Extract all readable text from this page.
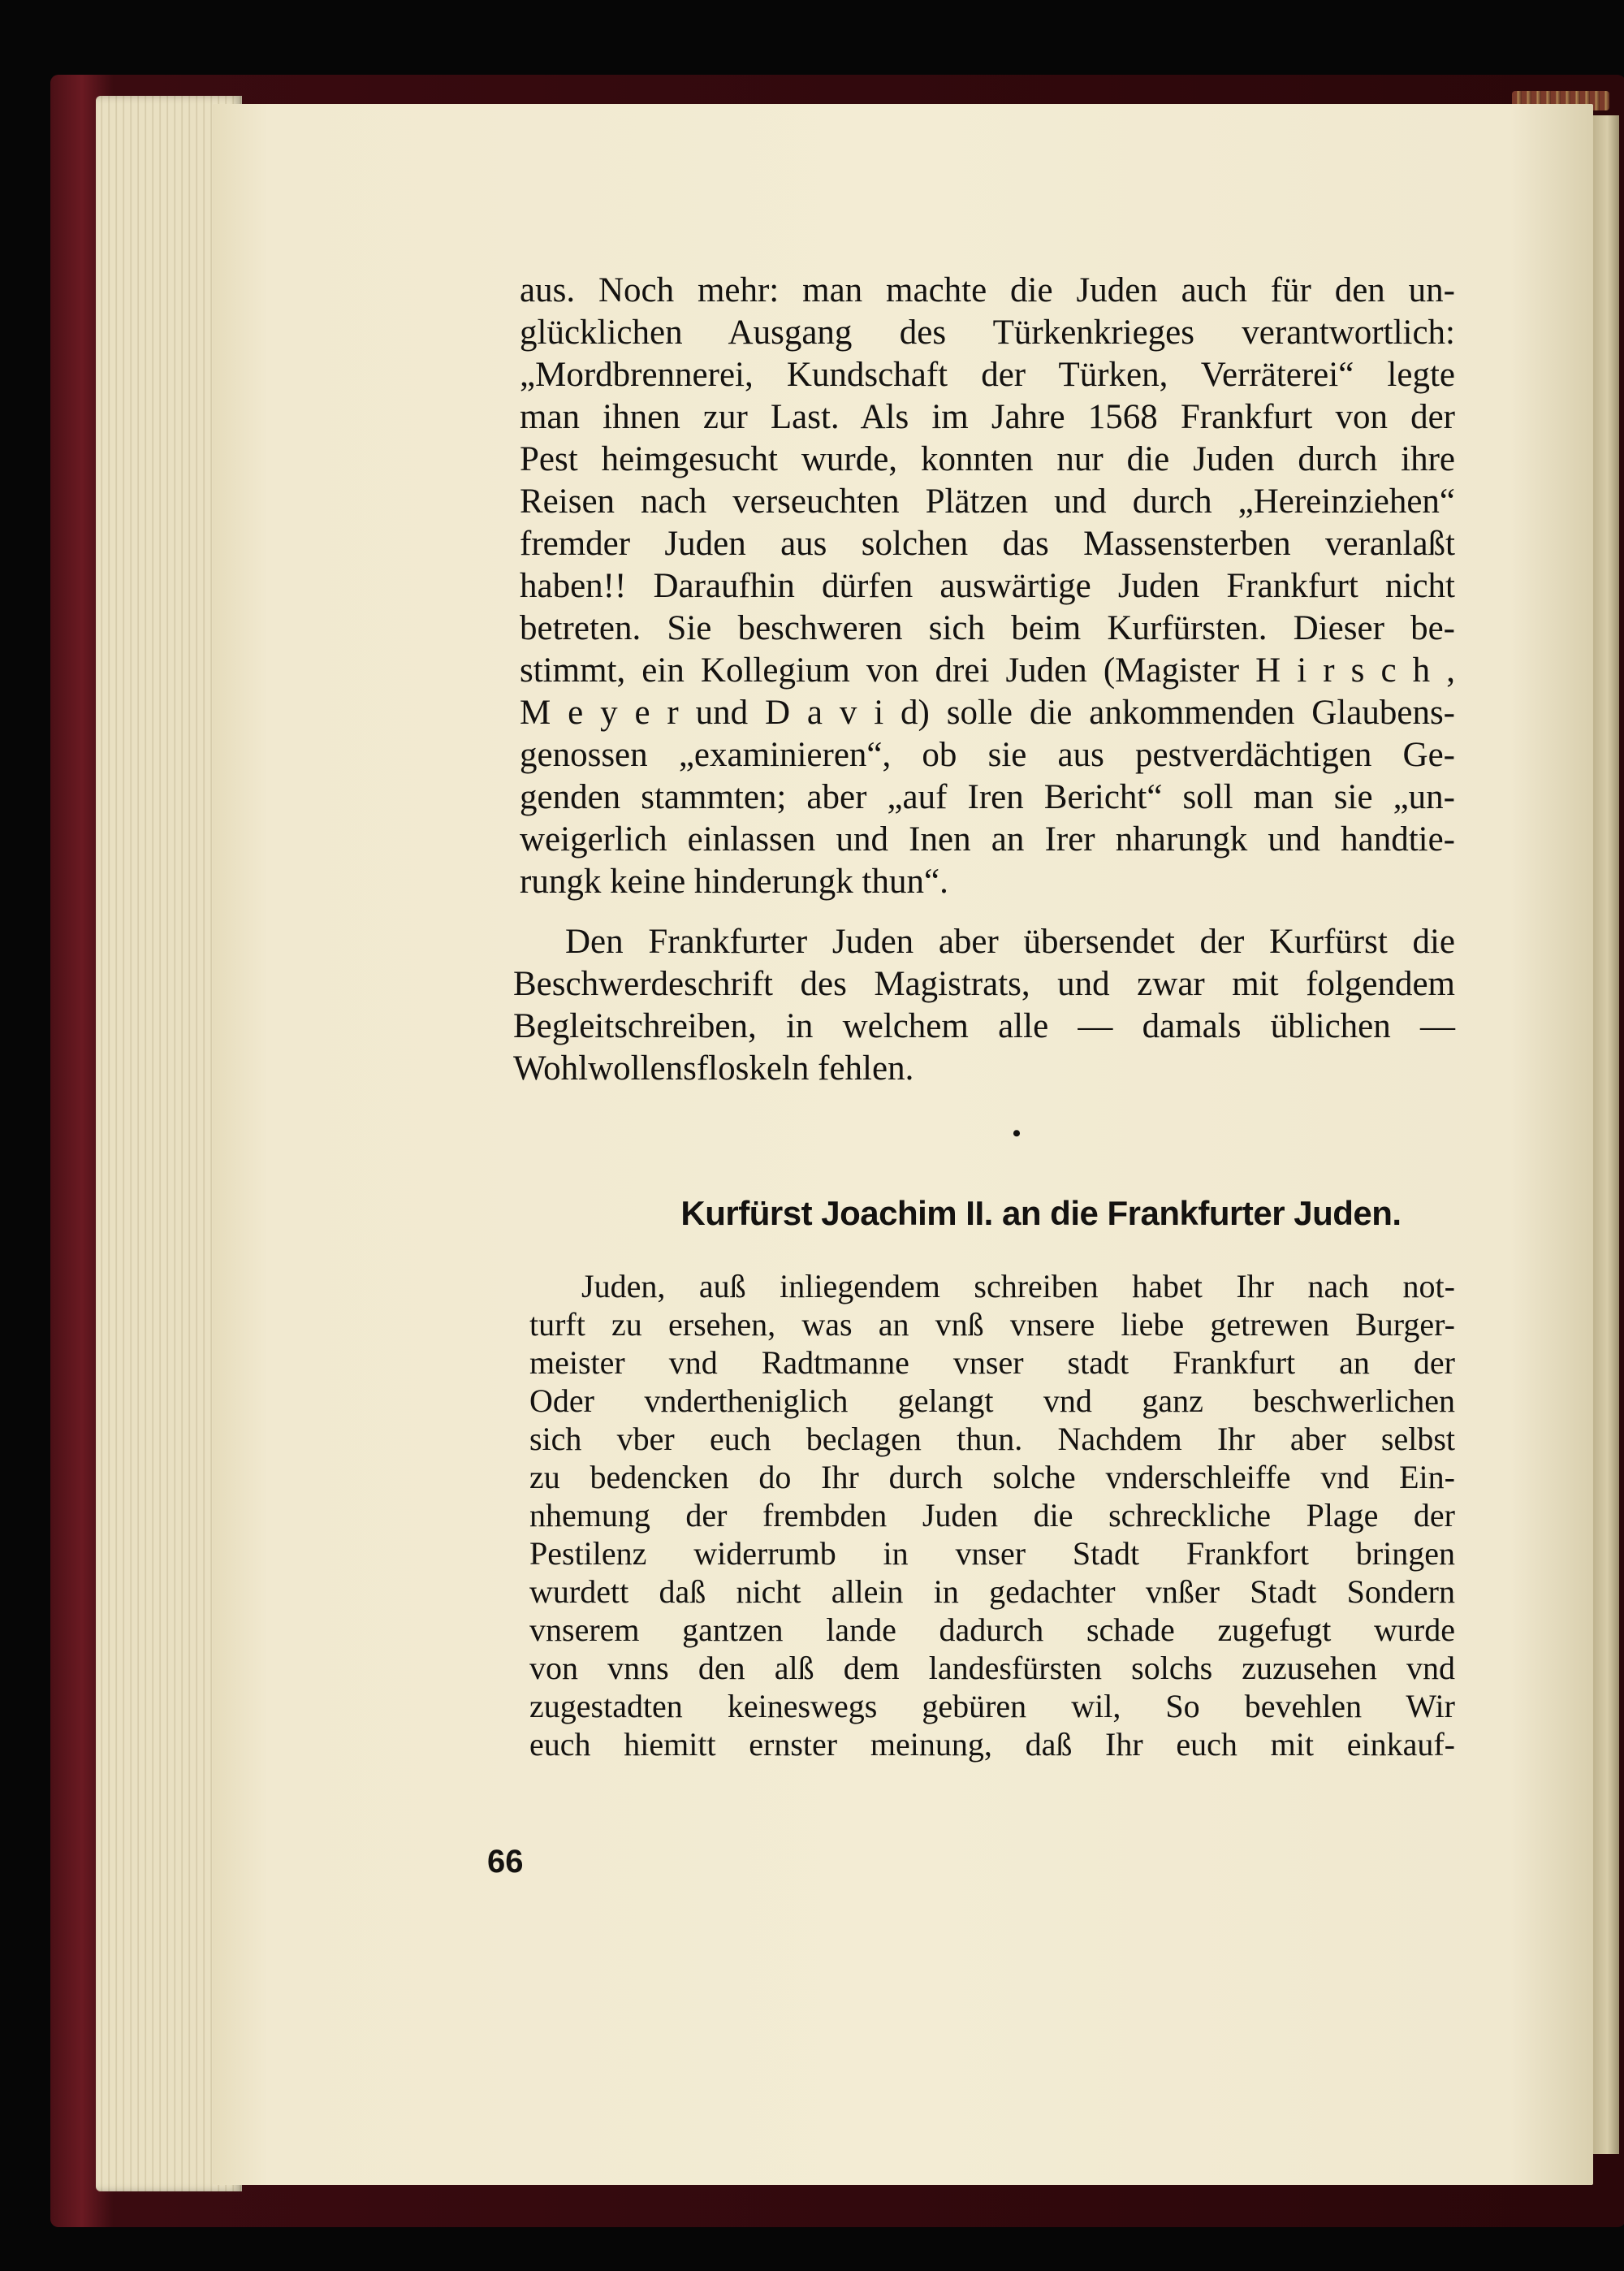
aus. Noch mehr: man machte die Juden auch für den un-
glücklichen Ausgang des Türkenkrieges verantwortlich:
„Mordbrennerei, Kundschaft der Türken, Verräterei“ legte
man ihnen zur Last. Als im Jahre 1568 Frankfurt von der
Pest heimgesucht wurde, konnten nur die Juden durch ihre
Reisen nach verseuchten Plätzen und durch „Hereinziehen“
fremder Juden aus solchen das Massensterben veranlaßt
haben!! Daraufhin dürfen auswärtige Juden Frankfurt nicht
betreten. Sie beschweren sich beim Kurfürsten. Dieser be-
stimmt, ein Kollegium von drei Juden (Magister H i r s c h ,
M e y e r und D a v i d) solle die ankommenden Glaubens-
genossen „examinieren“, ob sie aus pestverdächtigen Ge-
genden stammten; aber „auf Iren Bericht“ soll man sie „un-
weigerlich einlassen und Inen an Irer nharungk und handtie-
rungk keine hinderungk thun“.
Den Frankfurter Juden aber übersendet der Kurfürst die
Beschwerdeschrift des Magistrats, und zwar mit folgendem
Begleitschreiben, in welchem alle — damals üblichen —
Wohlwollensfloskeln fehlen.
•
Kurfürst Joachim II. an die Frankfurter Juden.
Juden, auß inliegendem schreiben habet Ihr nach not-
turft zu ersehen, was an vnß vnsere liebe getrewen Burger-
meister vnd Radtmanne vnser stadt Frankfurt an der
Oder vndertheniglich gelangt vnd ganz beschwerlichen
sich vber euch beclagen thun. Nachdem Ihr aber selbst
zu bedencken do Ihr durch solche vnderschleiffe vnd Ein-
nhemung der frembden Juden die schreckliche Plage der
Pestilenz widerrumb in vnser Stadt Frankfort bringen
wurdett daß nicht allein in gedachter vnßer Stadt Sondern
vnserem gantzen lande dadurch schade zugefugt wurde
von vnns den alß dem landesfürsten solchs zuzusehen vnd
zugestadten keineswegs gebüren wil, So bevehlen Wir
euch hiemitt ernster meinung, daß Ihr euch mit einkauf-
66
